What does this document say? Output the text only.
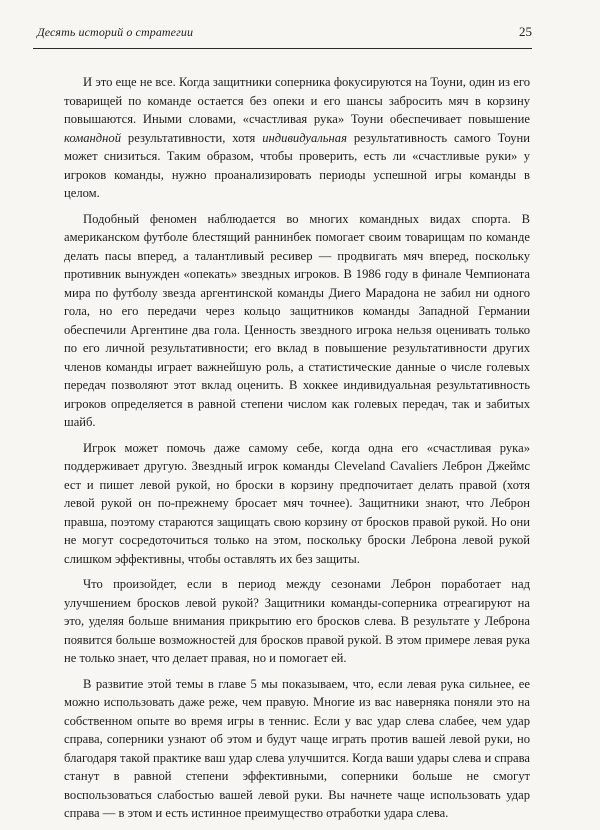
Десять историй о стратегии	25

И это еще не все. Когда защитники соперника фокусируются на Тоуни, один из его товарищей по команде остается без опеки и его шансы забросить мяч в корзину повышаются. Иными словами, «счастливая рука» Тоуни обеспечивает повышение командной результативности, хотя индивидуальная результативность самого Тоуни может снизиться. Таким образом, чтобы проверить, есть ли «счастливые руки» у игроков команды, нужно проанализировать периоды успешной игры команды в целом.

Подобный феномен наблюдается во многих командных видах спорта. В американском футболе блестящий раннинбек помогает своим товарищам по команде делать пасы вперед, а талантливый ресивер — продвигать мяч вперед, поскольку противник вынужден «опекать» звездных игроков. В 1986 году в финале Чемпионата мира по футболу звезда аргентинской команды Диего Марадона не забил ни одного гола, но его передачи через кольцо защитников команды Западной Германии обеспечили Аргентине два гола. Ценность звездного игрока нельзя оценивать только по его личной результативности; его вклад в повышение результативности других членов команды играет важнейшую роль, а статистические данные о числе голевых передач позволяют этот вклад оценить. В хоккее индивидуальная результативность игроков определяется в равной степени числом как голевых передач, так и забитых шайб.

Игрок может помочь даже самому себе, когда одна его «счастливая рука» поддерживает другую. Звездный игрок команды Cleveland Cavaliers Леброн Джеймс ест и пишет левой рукой, но броски в корзину предпочитает делать правой (хотя левой рукой он по-прежнему бросает мяч точнее). Защитники знают, что Леброн правша, поэтому стараются защищать свою корзину от бросков правой рукой. Но они не могут сосредоточиться только на этом, поскольку броски Леброна левой рукой слишком эффективны, чтобы оставлять их без защиты.

Что произойдет, если в период между сезонами Леброн поработает над улучшением бросков левой рукой? Защитники команды-соперника отреагируют на это, уделяя больше внимания прикрытию его бросков слева. В результате у Леброна появится больше возможностей для бросков правой рукой. В этом примере левая рука не только знает, что делает правая, но и помогает ей.

В развитие этой темы в главе 5 мы показываем, что, если левая рука сильнее, ее можно использовать даже реже, чем правую. Многие из вас наверняка поняли это на собственном опыте во время игры в теннис. Если у вас удар слева слабее, чем удар справа, соперники узнают об этом и будут чаще играть против вашей левой руки, но благодаря такой практике ваш удар слева улучшится. Когда ваши удары слева и справа станут в равной степени эффективными, соперники больше не смогут воспользоваться слабостью вашей левой руки. Вы начнете чаще использовать удар справа — в этом и есть истинное преимущество отработки удара слева.
